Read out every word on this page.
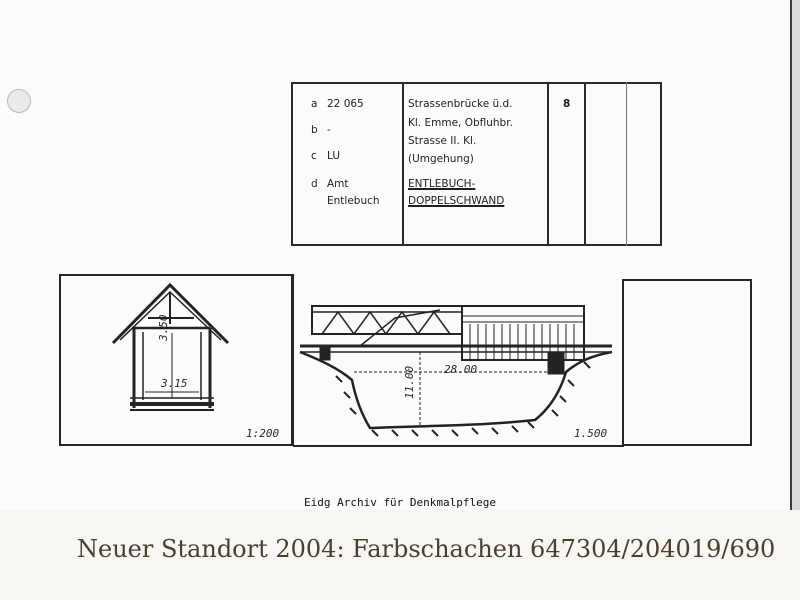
a 22 065
b -
c LU
d Amt
Entlebuch
Strassenbrücke ü.d.
Kl. Emme, Obfluhbr.
Strasse II. Kl.
(Umgehung)
ENTLEBUCH-
DOPPELSCHWAND
8
3.50
3.15
1:200
28.00
11.00
1.500
Eidg Archiv für Denkmalpflege
Neuer Standort 2004: Farbschachen 647304/204019/690
